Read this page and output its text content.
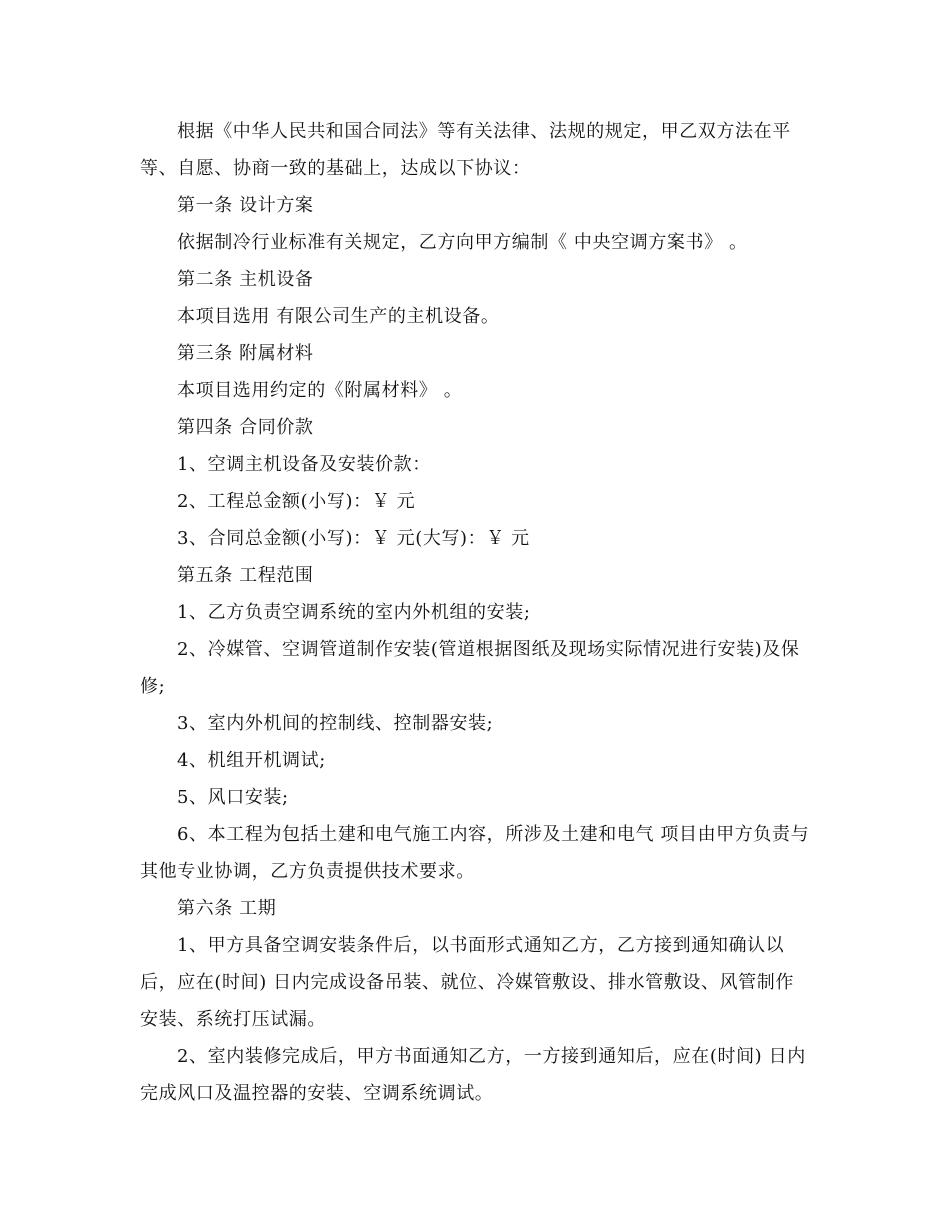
根据《中华人民共和国合同法》等有关法律、法规的规定，甲乙双方法在平等、自愿、协商一致的基础上，达成以下协议：

第一条 设计方案

依据制冷行业标准有关规定，乙方向甲方编制《 中央空调方案书》 。

第二条 主机设备

本项目选用 有限公司生产的主机设备。

第三条 附属材料

本项目选用约定的《附属材料》 。

第四条 合同价款

1、空调主机设备及安装价款：

2、工程总金额(小写)：￥ 元

3、合同总金额(小写)：￥ 元(大写)：￥ 元

第五条 工程范围

1、乙方负责空调系统的室内外机组的安装;

2、冷媒管、空调管道制作安装(管道根据图纸及现场实际情况进行安装)及保修;

3、室内外机间的控制线、控制器安装;

4、机组开机调试;

5、风口安装;

6、本工程为包括土建和电气施工内容，所涉及土建和电气 项目由甲方负责与其他专业协调，乙方负责提供技术要求。

第六条 工期

1、甲方具备空调安装条件后，以书面形式通知乙方，乙方接到通知确认以后，应在(时间) 日内完成设备吊装、就位、冷媒管敷设、排水管敷设、风管制作安装、系统打压试漏。

2、室内装修完成后，甲方书面通知乙方，一方接到通知后，应在(时间) 日内完成风口及温控器的安装、空调系统调试。
